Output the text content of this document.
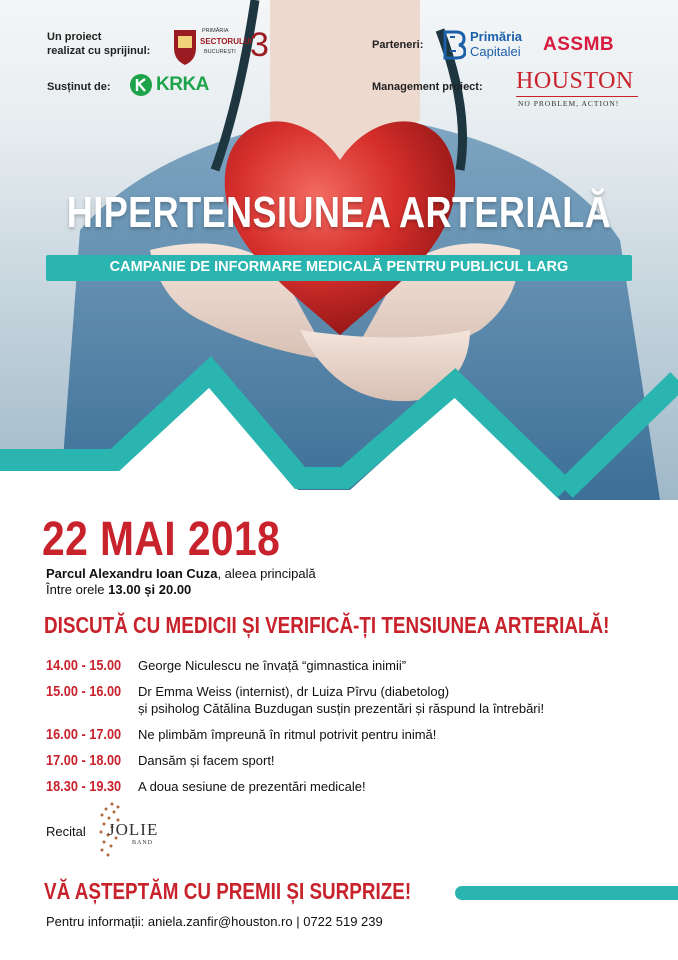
Un proiect
realizat cu sprijinul:
PRIMĂRIA
SECTORULUI
BUCUREȘTI 3
Susținut de: KRKA
Parteneri:
Primăria
Capitalei ASSMB
Management proiect: HOUSTON
NO PROBLEM, ACTION!
HIPERTENSIUNEA ARTERIALĂ
CAMPANIE DE INFORMARE MEDICALĂ PENTRU PUBLICUL LARG
22 MAI 2018
Parcul Alexandru Ioan Cuza, aleea principală
Între orele 13.00 și 20.00
DISCUTĂ CU MEDICII ȘI VERIFICĂ-ȚI TENSIUNEA ARTERIALĂ!
14.00 - 15.00 George Niculescu ne învață “gimnastica inimii”
15.00 - 16.00 Dr Emma Weiss (internist), dr Luiza Pîrvu (diabetolog)
și psiholog Cătălina Buzdugan susțin prezentări și răspund la întrebări!
16.00 - 17.00 Ne plimbăm împreună în ritmul potrivit pentru inimă!
17.00 - 18.00 Dansăm și facem sport!
18.30 - 19.30 A doua sesiune de prezentări medicale!
Recital JOLIE
BAND
VĂ AȘTEPTĂM CU PREMII ȘI SURPRIZE!
Pentru informații: aniela.zanfir@houston.ro | 0722 519 239
